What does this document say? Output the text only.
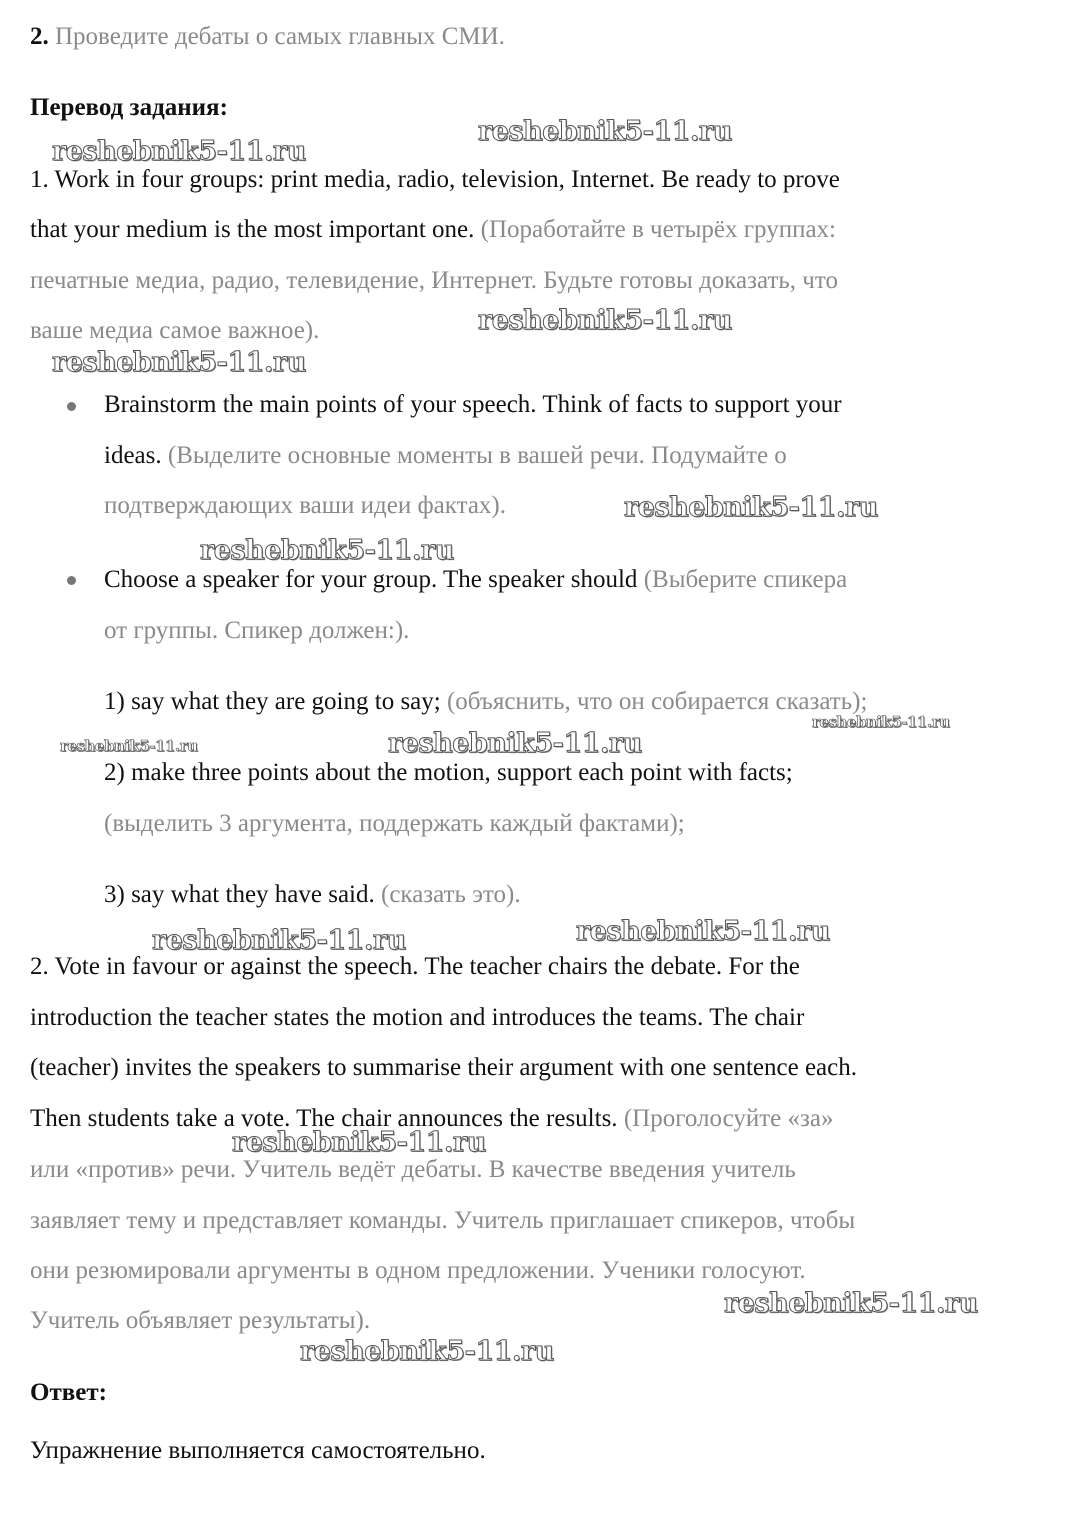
2. Проведите дебаты о самых главных СМИ.
Перевод задания:
1. Work in four groups: print media, radio, television, Internet. Be ready to prove
that your medium is the most important one. (Поработайте в четырёх группах:
печатные медиа, радио, телевидение, Интернет. Будьте готовы доказать, что
ваше медиа самое важное).
Brainstorm the main points of your speech. Think of facts to support your
ideas. (Выделите основные моменты в вашей речи. Подумайте о
подтверждающих ваши идеи фактах).
Choose a speaker for your group. The speaker should (Выберите спикера
от группы. Спикер должен:).
1) say what they are going to say; (объяснить, что он собирается сказать);
2) make three points about the motion, support each point with facts;
(выделить 3 аргумента, поддержать каждый фактами);
3) say what they have said. (сказать это).
2. Vote in favour or against the speech. The teacher chairs the debate. For the
introduction the teacher states the motion and introduces the teams. The chair
(teacher) invites the speakers to summarise their argument with one sentence each.
Then students take a vote. The chair announces the results. (Проголосуйте «за»
или «против» речи. Учитель ведёт дебаты. В качестве введения учитель
заявляет тему и представляет команды. Учитель приглашает спикеров, чтобы
они резюмировали аргументы в одном предложении. Ученики голосуют.
Учитель объявляет результаты).
Ответ:
Упражнение выполняется самостоятельно.
reshebnik5-11.ru
reshebnik5-11.ru
reshebnik5-11.ru
reshebnik5-11.ru
reshebnik5-11.ru
reshebnik5-11.ru
reshebnik5-11.ru
reshebnik5-11.ru	reshebnik5-11.ru
reshebnik5-11.ru	reshebnik5-11.ru
reshebnik5-11.ru
reshebnik5-11.ru
reshebnik5-11.ru
